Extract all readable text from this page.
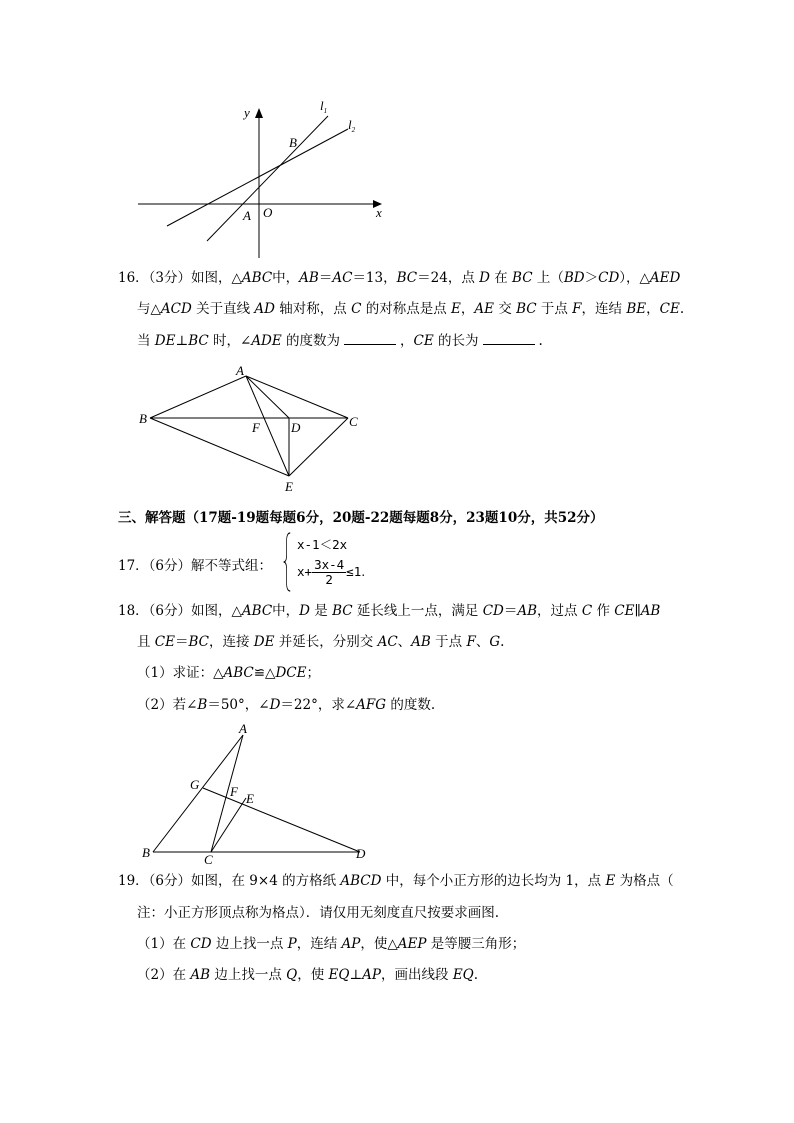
y
x
O
A
B
$l_1$
$l_2$
16．（3分）如图，△ABC中，AB＝AC＝13，BC＝24，点 D 在 BC 上（BD＞CD），△AED
与△ACD 关于直线 AD 轴对称，点 C 的对称点是点 E，AE 交 BC 于点 F，连结 BE，CE.
当 DE⊥BC 时，∠ADE 的度数为	，CE 的长为	.
A
B	C
D
E
F
三、解答题（17题-19题每题6分，20题-22题每题8分，23题10分，共52分）
17．（6分）解不等式组：
x-1＜2x
$x+ \frac{3x-4}{2} \le 1$.
18．（6分）如图，△ABC中，D 是 BC 延长线上一点，满足 CD＝AB，过点 C 作 CE∥AB
且 CE＝BC，连接 DE 并延长，分别交 AC、AB 于点 F、G.
（1）求证：△ABC≌△DCE；
（2）若∠B＝50°，∠D＝22°，求∠AFG 的度数.
A
B	C	D
E
F
G
19．（6分）如图，在 9×4 的方格纸 ABCD 中，每个小正方形的边长均为 1，点 E 为格点（
注：小正方形顶点称为格点）．请仅用无刻度直尺按要求画图.
（1）在 CD 边上找一点 P，连结 AP，使△AEP 是等腰三角形；
（2）在 AB 边上找一点 Q，使 EQ⊥AP，画出线段 EQ.
